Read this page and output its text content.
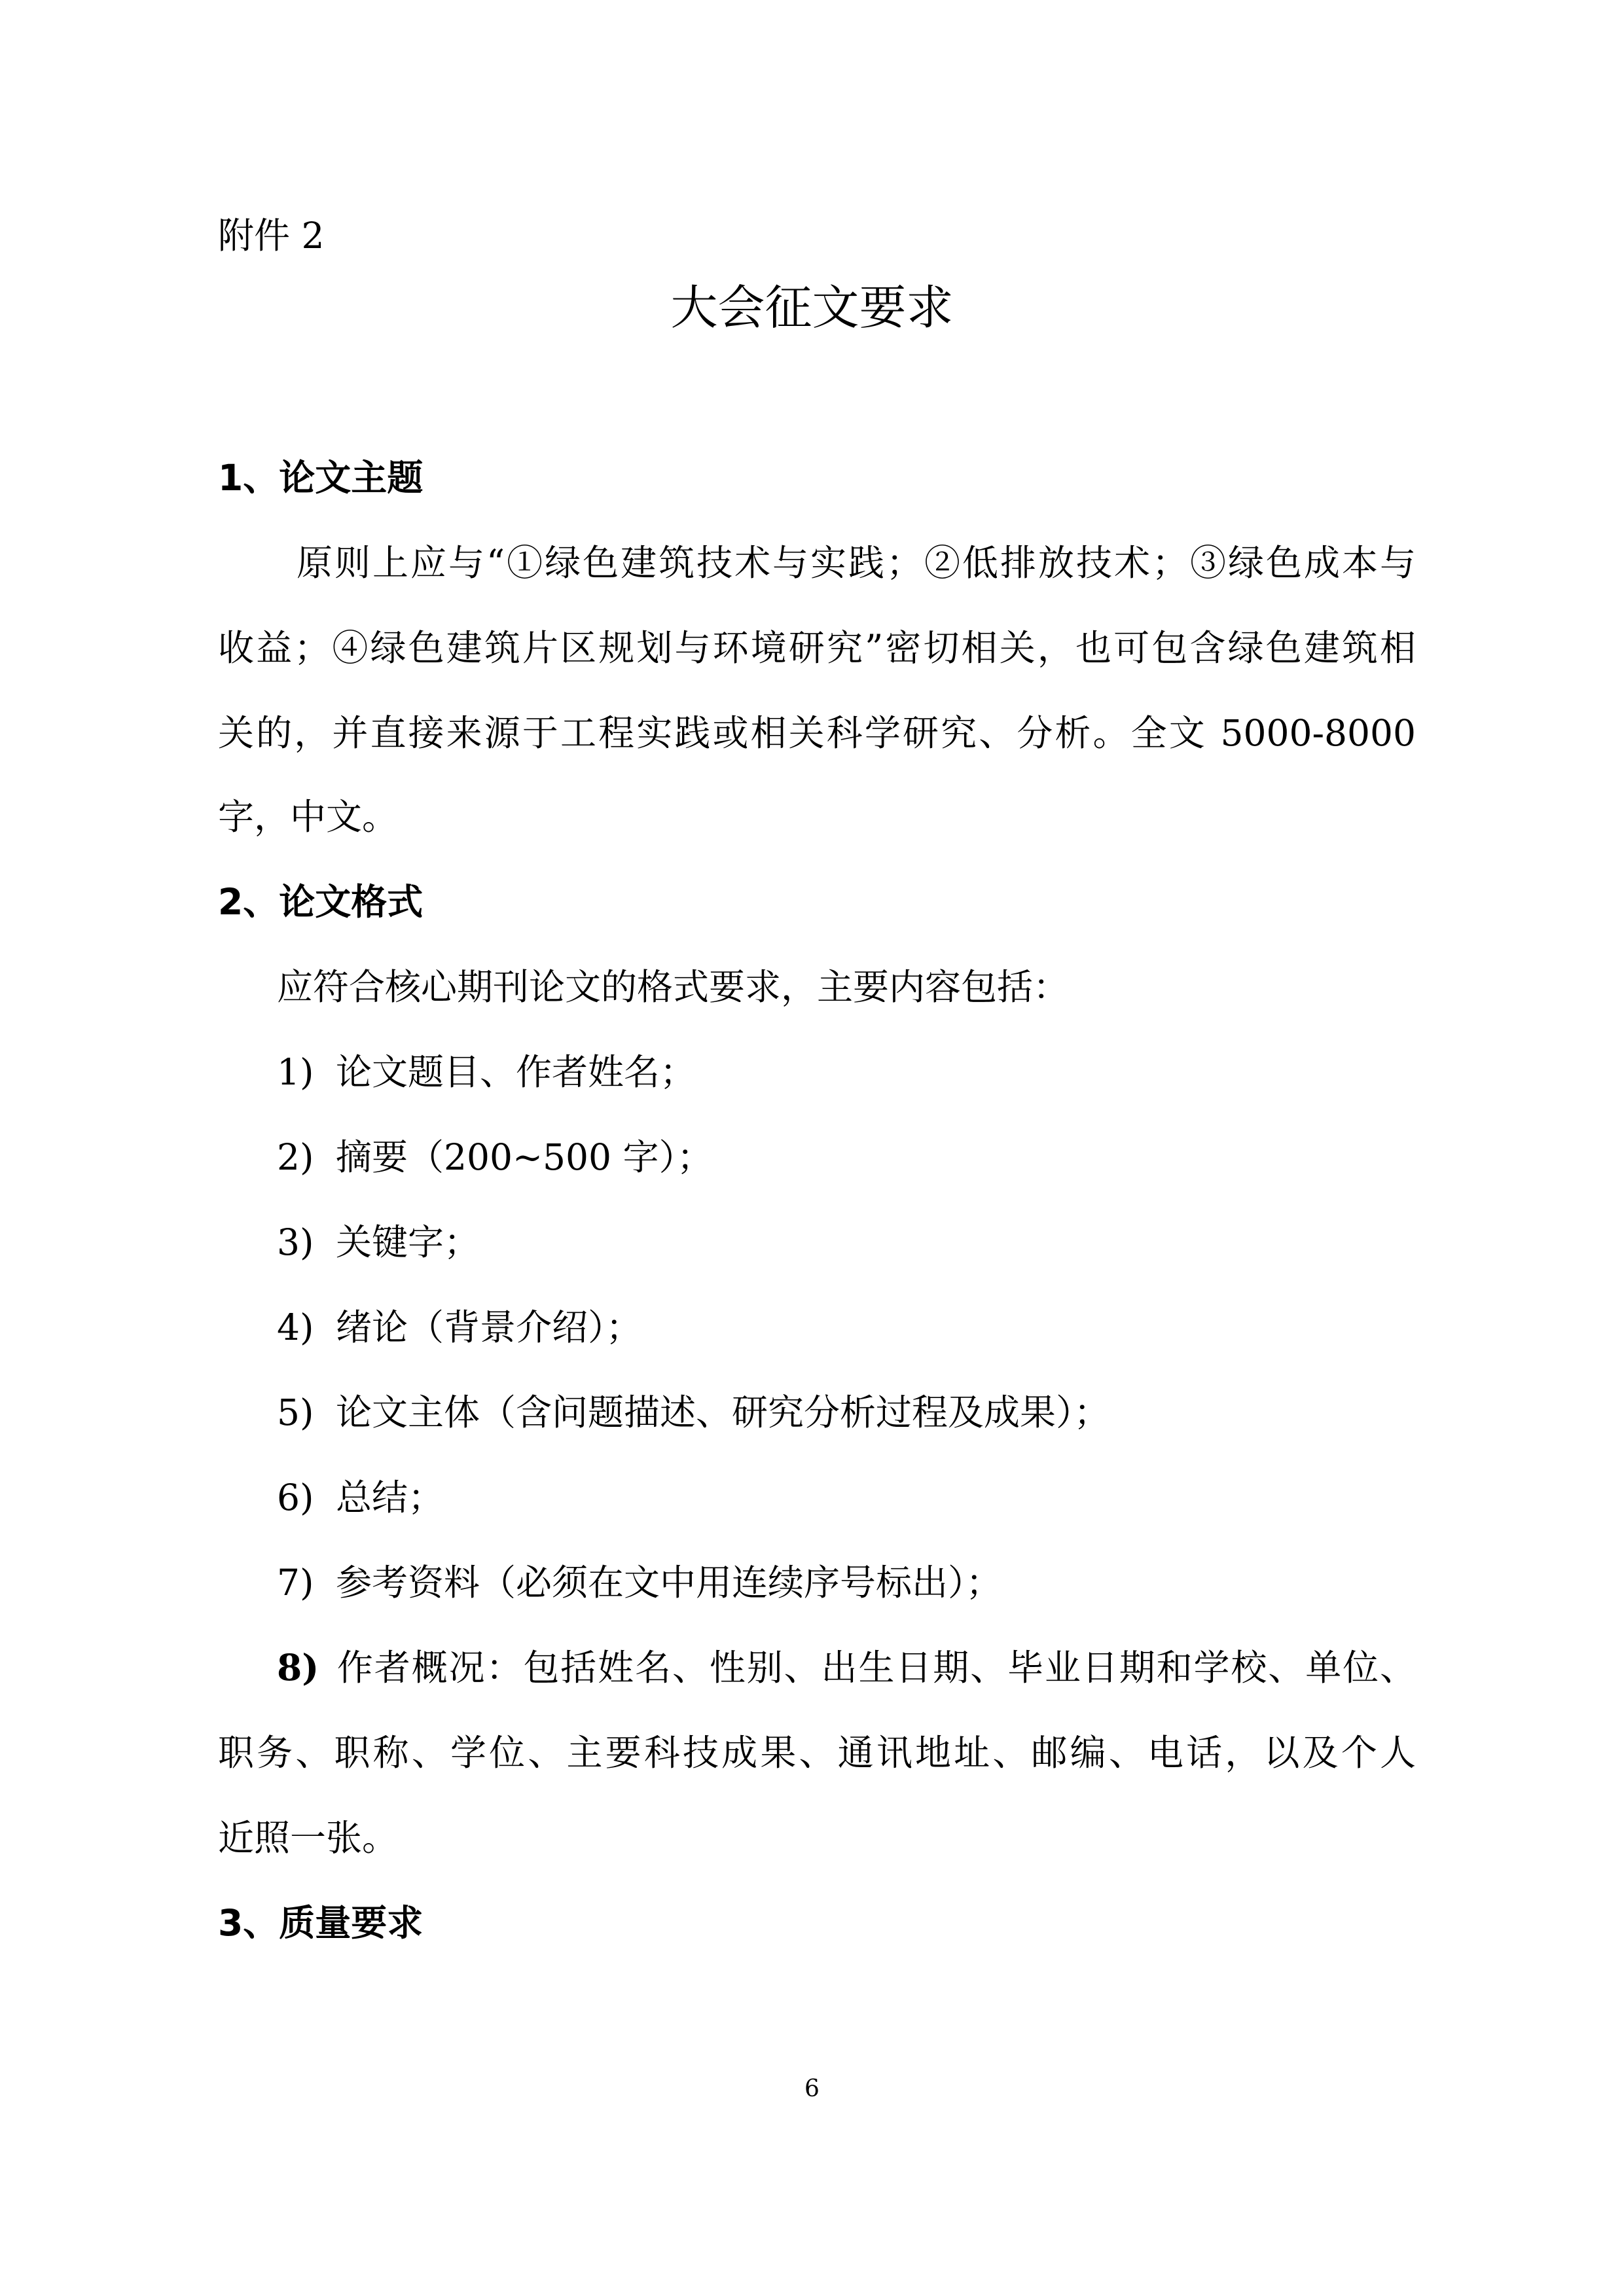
附件 2
大会征文要求
1、论文主题
原则上应与“①绿色建筑技术与实践；②低排放技术；③绿色成本与
收益；④绿色建筑片区规划与环境研究”密切相关，也可包含绿色建筑相
关的，并直接来源于工程实践或相关科学研究、分析。全文 5000-8000
字，中文。
2、论文格式
应符合核心期刊论文的格式要求，主要内容包括：
1) 论文题目、作者姓名；
2) 摘要（200~500 字）；
3) 关键字；
4) 绪论（背景介绍）；
5) 论文主体（含问题描述、研究分析过程及成果）；
6) 总结；
7) 参考资料（必须在文中用连续序号标出）；
8) 作者概况：包括姓名、性别、出生日期、毕业日期和学校、单位、
职务、职称、学位、主要科技成果、通讯地址、邮编、电话，以及个人
近照一张。
3、质量要求
6
